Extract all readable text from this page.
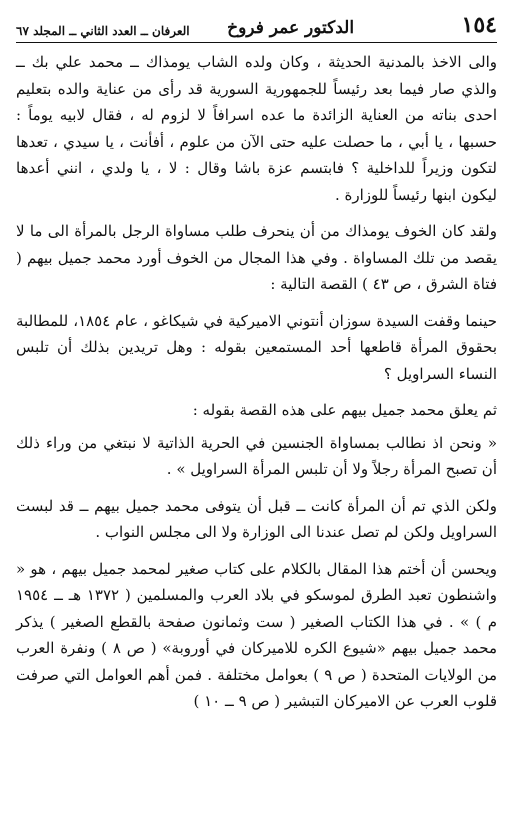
١٥٤
الدكتور عمر فروخ
العرفان ــ العدد الثاني ــ المجلد ٦٧

والى الاخذ بالمدنية الحديثة ، وكان ولده الشاب يومذاك ــ محمد علي بك ــ والذي صار فيما بعد رئيساً للجمهورية السورية قد رأى من عناية والده بتعليم احدى بناته من العناية الزائدة ما عده اسرافاً لا لزوم له ، فقال لابيه يوماً : حسبها ، يا أبي ، ما حصلت عليه حتى الآن من علوم ، أفأنت ، يا سيدي ، تعدها لتكون وزيراً للداخلية ؟ فابتسم عزة باشا وقال : لا ، يا ولدي ، انني أعدها ليكون ابنها رئيساً للوزارة .

ولقد كان الخوف يومذاك من أن ينحرف طلب مساواة الرجل بالمرأة الى ما لا يقصد من تلك المساواة . وفي هذا المجال من الخوف أورد محمد جميل بيهم ( فتاة الشرق ، ص ٤٣ ) القصة التالية :

حينما وقفت السيدة سوزان أنتوني الاميركية في شيكاغو ، عام ١٨٥٤، للمطالبة بحقوق المرأة قاطعها أحد المستمعين بقوله : وهل تريدين بذلك أن تلبس النساء السراويل ؟

ثم يعلق محمد جميل بيهم على هذه القصة بقوله :

« ونحن اذ نطالب بمساواة الجنسين في الحرية الذاتية لا نبتغي من وراء ذلك أن تصبح المرأة رجلاً ولا أن تلبس المرأة السراويل » .

ولكن الذي تم أن المرأة كانت ــ قبل أن يتوفى محمد جميل بيهم ــ قد لبست السراويل ولكن لم تصل عندنا الى الوزارة ولا الى مجلس النواب .

ويحسن أن أختم هذا المقال بالكلام على كتاب صغير لمحمد جميل بيهم ، هو « واشنطون تعبد الطرق لموسكو في بلاد العرب والمسلمين ( ١٣٧٢ هـ ــ ١٩٥٤ م ) » . في هذا الكتاب الصغير ( ست وثمانون صفحة بالقطع الصغير ) يذكر محمد جميل بيهم «شيوع الكره للاميركان في أوروبة» ( ص ٨ ) ونفرة العرب من الولايات المتحدة ( ص ٩ ) بعوامل مختلفة . فمن أهم العوامل التي صرفت قلوب العرب عن الاميركان التبشير ( ص ٩ ــ ١٠ )
